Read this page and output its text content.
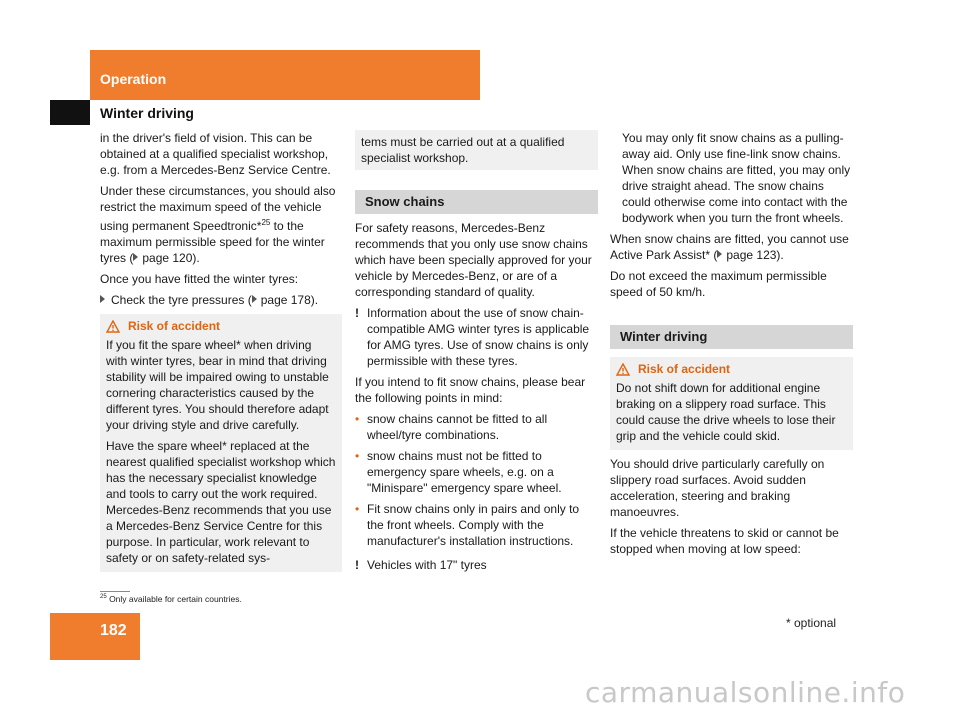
Operation
Winter driving

in the driver's field of vision. This can be obtained at a qualified specialist workshop, e.g. from a Mercedes-Benz Service Centre.

Under these circumstances, you should also restrict the maximum speed of the vehicle using permanent Speedtronic*$^{25}$ to the maximum permissible speed for the winter tyres ( page 120).

Once you have fitted the winter tyres:

Check the tyre pressures ( page 178).

Risk of accident

If you fit the spare wheel* when driving with winter tyres, bear in mind that driving stability will be impaired owing to unstable cornering characteristics caused by the different tyres. You should therefore adapt your driving style and drive carefully.

Have the spare wheel* replaced at the nearest qualified specialist workshop which has the necessary specialist knowledge and tools to carry out the work required. Mercedes-Benz recommends that you use a Mercedes-Benz Service Centre for this purpose. In particular, work relevant to safety or on safety-related sys-

tems must be carried out at a qualified specialist workshop.

Snow chains

For safety reasons, Mercedes-Benz recommends that you only use snow chains which have been specially approved for your vehicle by Mercedes-Benz, or are of a corresponding standard of quality.

! Information about the use of snow chain-compatible AMG winter tyres is applicable for AMG tyres. Use of snow chains is only permissible with these tyres.

If you intend to fit snow chains, please bear the following points in mind:

• snow chains cannot be fitted to all wheel/tyre combinations.
• snow chains must not be fitted to emergency spare wheels, e.g. on a "Minispare" emergency spare wheel.
• Fit snow chains only in pairs and only to the front wheels. Comply with the manufacturer's installation instructions.
! Vehicles with 17" tyres

You may only fit snow chains as a pulling-away aid. Only use fine-link snow chains. When snow chains are fitted, you may only drive straight ahead. The snow chains could otherwise come into contact with the bodywork when you turn the front wheels.

When snow chains are fitted, you cannot use Active Park Assist* ( page 123).

Do not exceed the maximum permissible speed of 50 km/h.

Winter driving
Risk of accident

Do not shift down for additional engine braking on a slippery road surface. This could cause the drive wheels to lose their grip and the vehicle could skid.

You should drive particularly carefully on slippery road surfaces. Avoid sudden acceleration, steering and braking manoeuvres.

If the vehicle threatens to skid or cannot be stopped when moving at low speed:

$^{25}$ Only available for certain countries.
182	* optional
carmanualsonline.info
